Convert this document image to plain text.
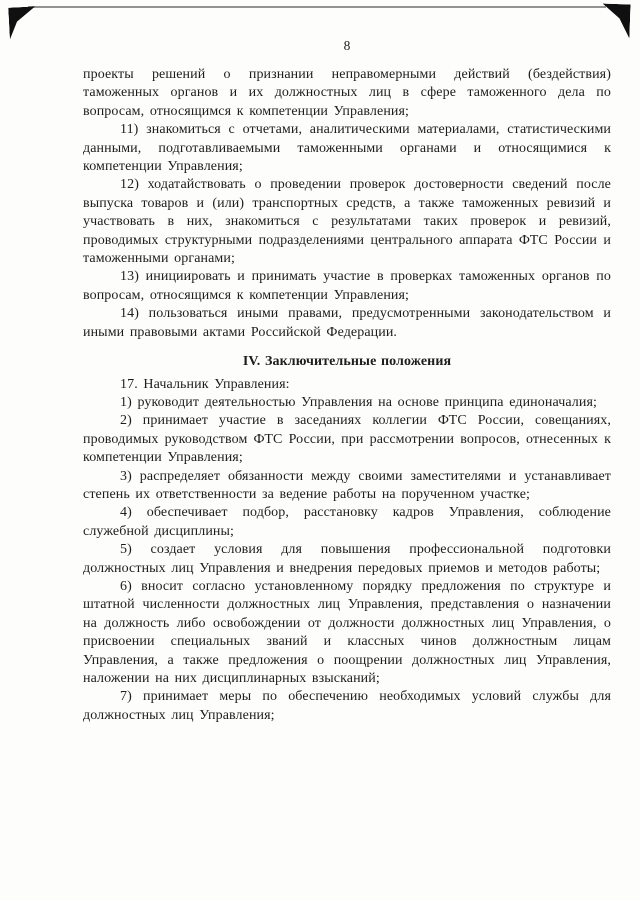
8

проекты решений о признании неправомерными действий (бездействия) таможенных органов и их должностных лиц в сфере таможенного дела по вопросам, относящимся к компетенции Управления;

11) знакомиться с отчетами, аналитическими материалами, статистическими данными, подготавливаемыми таможенными органами и относящимися к компетенции Управления;

12) ходатайствовать о проведении проверок достоверности сведений после выпуска товаров и (или) транспортных средств, а также таможенных ревизий и участвовать в них, знакомиться с результатами таких проверок и ревизий, проводимых структурными подразделениями центрального аппарата ФТС России и таможенными органами;

13) инициировать и принимать участие в проверках таможенных органов по вопросам, относящимся к компетенции Управления;

14) пользоваться иными правами, предусмотренными законодательством и иными правовыми актами Российской Федерации.

IV. Заключительные положения

17. Начальник Управления:

1) руководит деятельностью Управления на основе принципа единоначалия;

2) принимает участие в заседаниях коллегии ФТС России, совещаниях, проводимых руководством ФТС России, при рассмотрении вопросов, отнесенных к компетенции Управления;

3) распределяет обязанности между своими заместителями и устанавливает степень их ответственности за ведение работы на порученном участке;

4) обеспечивает подбор, расстановку кадров Управления, соблюдение служебной дисциплины;

5) создает условия для повышения профессиональной подготовки должностных лиц Управления и внедрения передовых приемов и методов работы;

6) вносит согласно установленному порядку предложения по структуре и штатной численности должностных лиц Управления, представления о назначении на должность либо освобождении от должности должностных лиц Управления, о присвоении специальных званий и классных чинов должностным лицам Управления, а также предложения о поощрении должностных лиц Управления, наложении на них дисциплинарных взысканий;

7) принимает меры по обеспечению необходимых условий службы для должностных лиц Управления;
